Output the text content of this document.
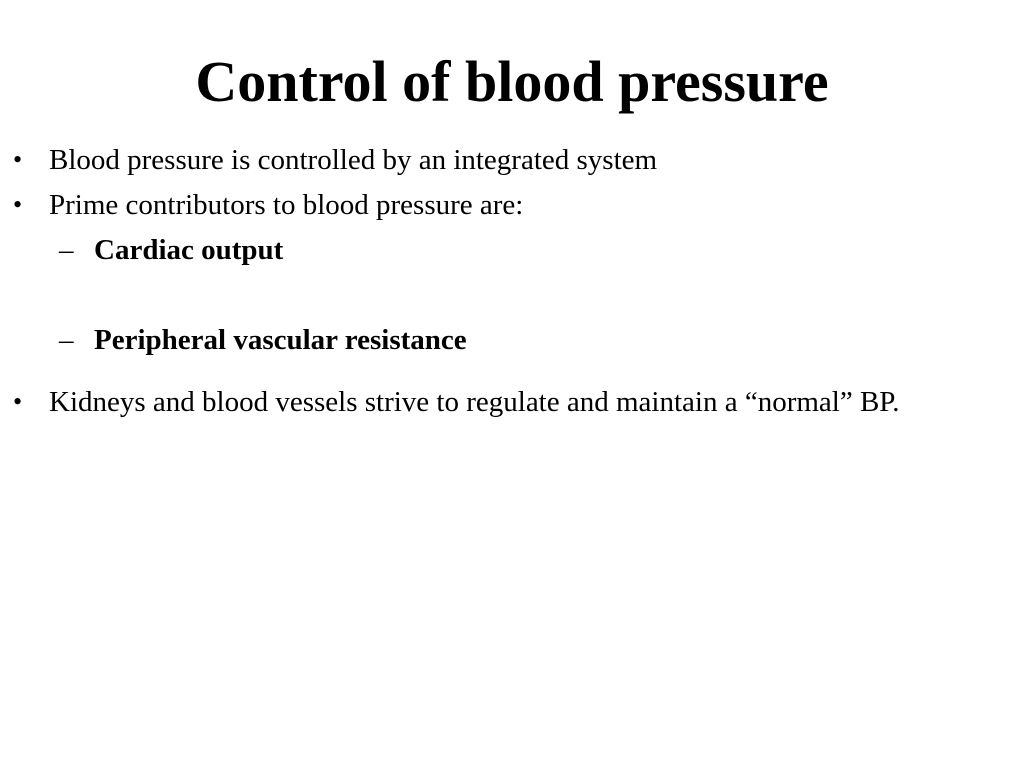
Control of blood pressure
• Blood pressure is controlled by an integrated system
• Prime contributors to blood pressure are:
– Cardiac output
– Peripheral vascular resistance
• Kidneys and blood vessels strive to regulate and maintain a “normal” BP.
